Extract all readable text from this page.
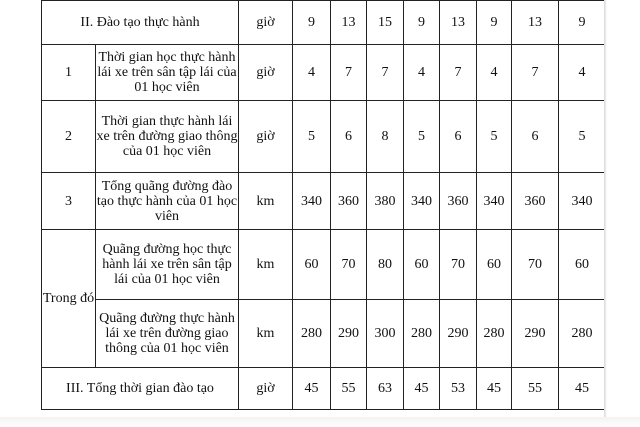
II. Đào tạo thực hành		giờ	9	13	15	9	13	9	13	9
1	Thời gian học thực hành lái xe trên sân tập lái của 01 học viên	giờ	4	7	7	4	7	4	7	4
2	Thời gian thực hành lái xe trên đường giao thông của 01 học viên	giờ	5	6	8	5	6	5	6	5
3	Tổng quãng đường đào tạo thực hành của 01 học viên	km	340	360	380	340	360	340	360	340
Trong đó	Quãng đường học thực hành lái xe trên sân tập lái của 01 học viên	km	60	70	80	60	70	60	70	60
	Quãng đường thực hành lái xe trên đường giao thông của 01 học viên	km	280	290	300	280	290	280	290	280
III. Tổng thời gian đào tạo		giờ	45	55	63	45	53	45	55	45
